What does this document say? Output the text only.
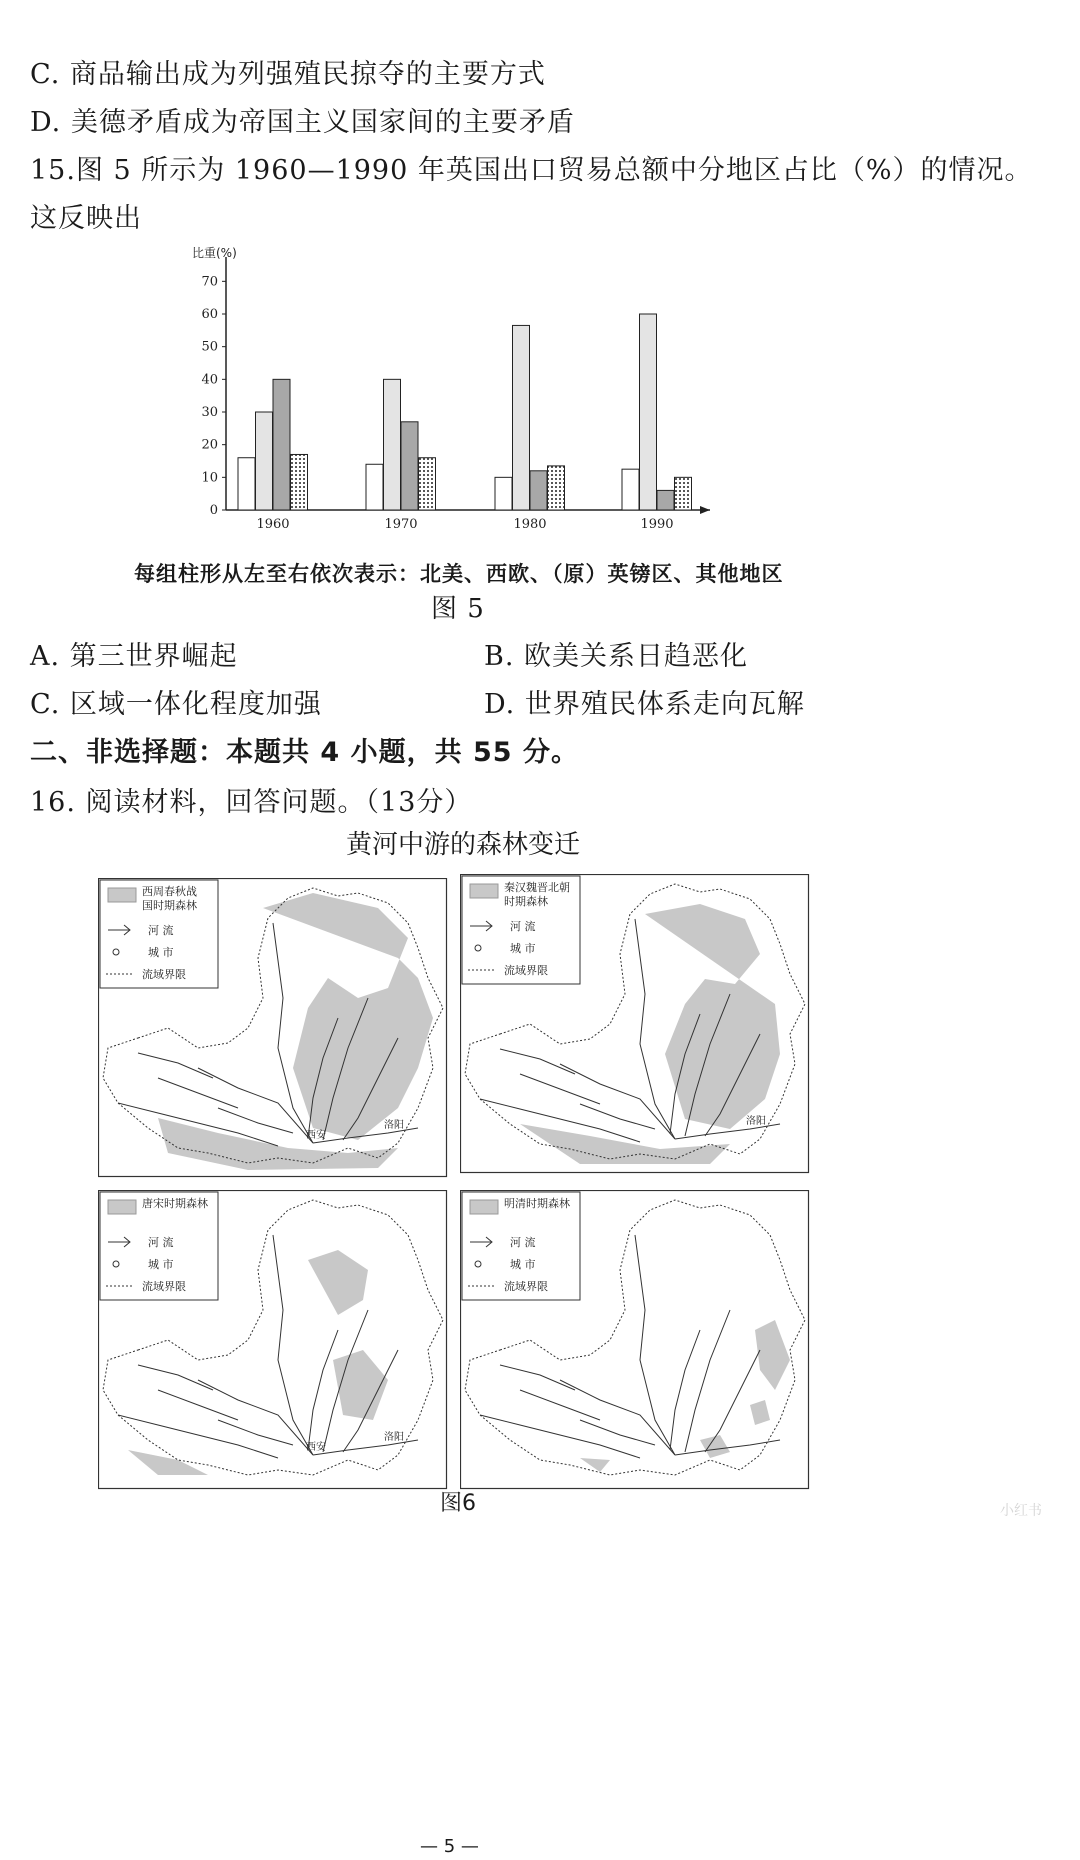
C. 商品输出成为列强殖民掠夺的主要方式
D. 美德矛盾成为帝国主义国家间的主要矛盾
15.图 5 所示为 1960—1990 年英国出口贸易总额中分地区占比（%）的情况。
这反映出
比重(%)
0
10
20
30
40
50
60
70
1960	1970	1980	1990
每组柱形从左至右依次表示：北美、西欧、（原）英镑区、其他地区
图 5
A. 第三世界崛起	B. 欧美关系日趋恶化
C. 区域一体化程度加强	D. 世界殖民体系走向瓦解
二、非选择题：本题共 4 小题，共 55 分。
16. 阅读材料，回答问题。（13分）
黄河中游的森林变迁
西周春秋战
国时期森林
河 流
城 市
流域界限
西安
洛阳
秦汉魏晋北朝
时期森林
河 流
城 市
流域界限
洛阳
唐宋时期森林
河 流
城 市
流域界限
西安
洛阳
明清时期森林
河 流
城 市
流域界限
图6
— 5 —
小红书
